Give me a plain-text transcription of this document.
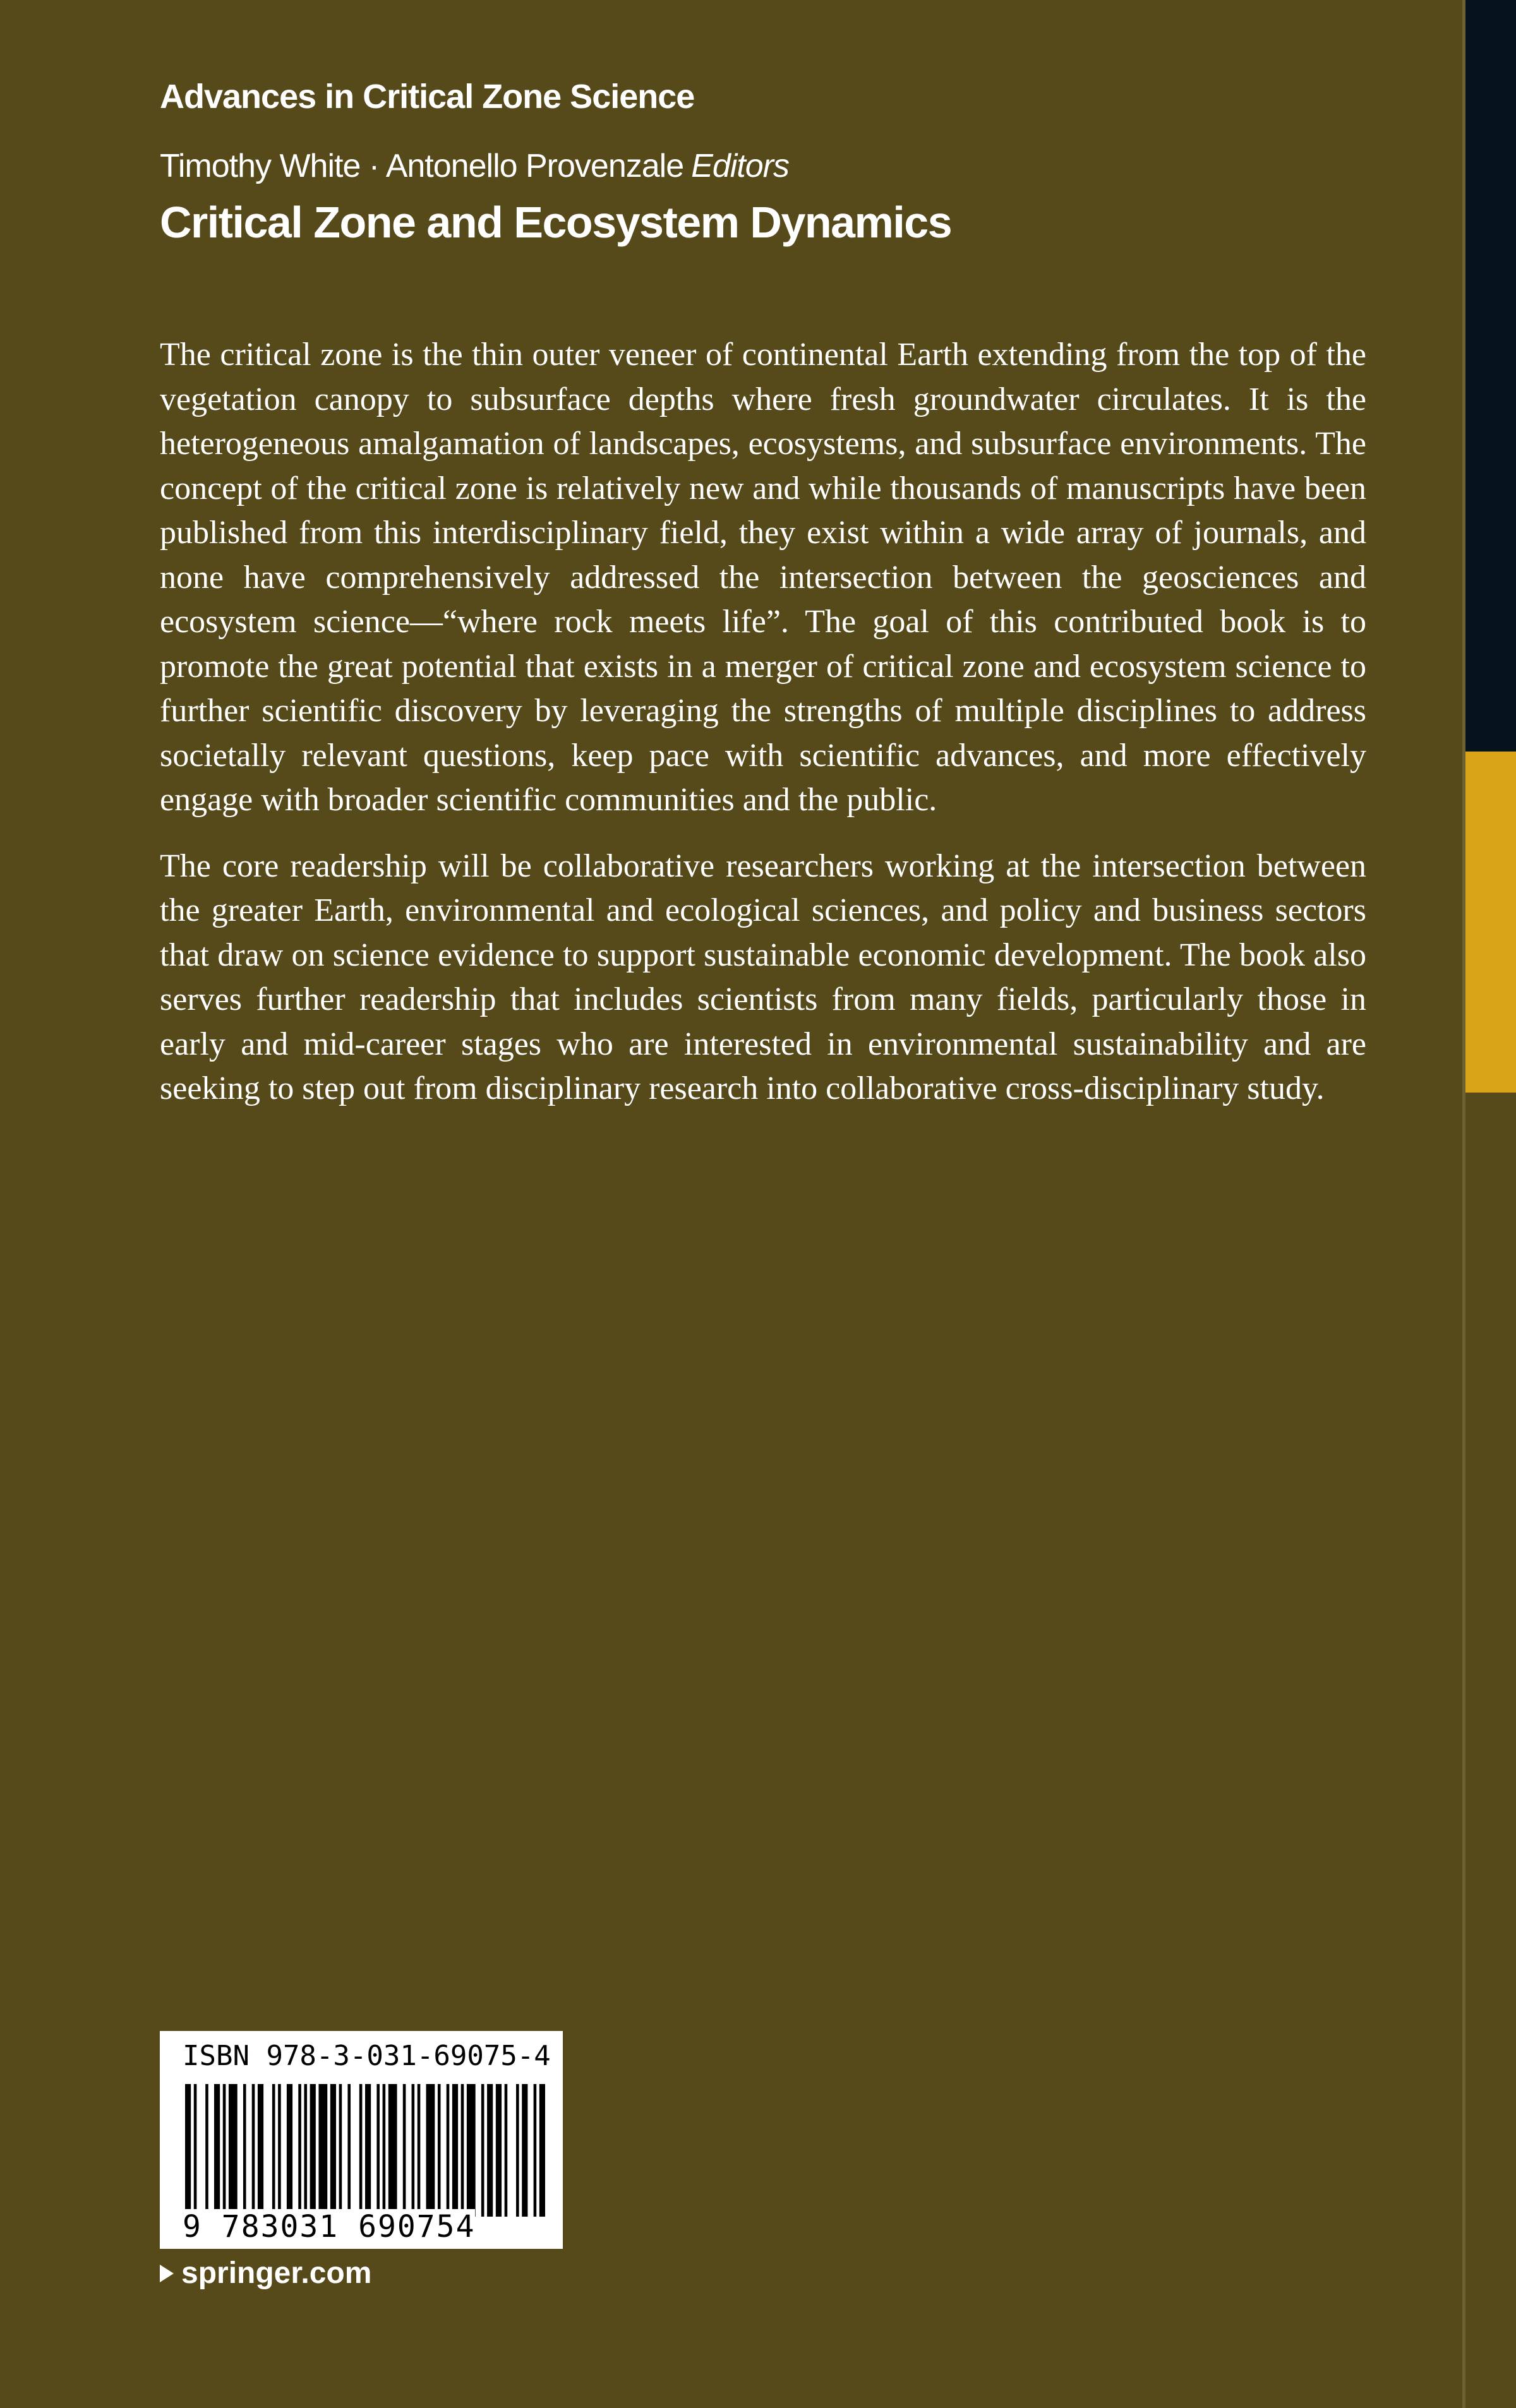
Advances in Critical Zone Science
Timothy White · Antonello Provenzale Editors
Critical Zone and Ecosystem Dynamics

The critical zone is the thin outer veneer of continental Earth extending from the top of the vegetation canopy to subsurface depths where fresh groundwater circulates. It is the heterogeneous amalgamation of landscapes, ecosystems, and subsurface environments. The concept of the critical zone is relatively new and while thousands of manuscripts have been published from this interdisciplinary field, they exist within a wide array of journals, and none have comprehensively addressed the intersection between the geosciences and ecosystem science—“where rock meets life”. The goal of this contributed book is to promote the great potential that exists in a merger of critical zone and ecosystem science to further scientific discovery by leveraging the strengths of multiple disciplines to address societally relevant questions, keep pace with scientific advances, and more effectively engage with broader scientific communities and the public.

The core readership will be collaborative researchers working at the intersection between the greater Earth, environmental and ecological sciences, and policy and business sectors that draw on science evidence to support sustainable economic development. The book also serves further readership that includes scientists from many fields, particularly those in early and mid-career stages who are interested in environmental sustainability and are seeking to step out from disciplinary research into collaborative cross-disciplinary study.

ISBN 978-3-031-69075-4
9 783031 690754
springer.com
